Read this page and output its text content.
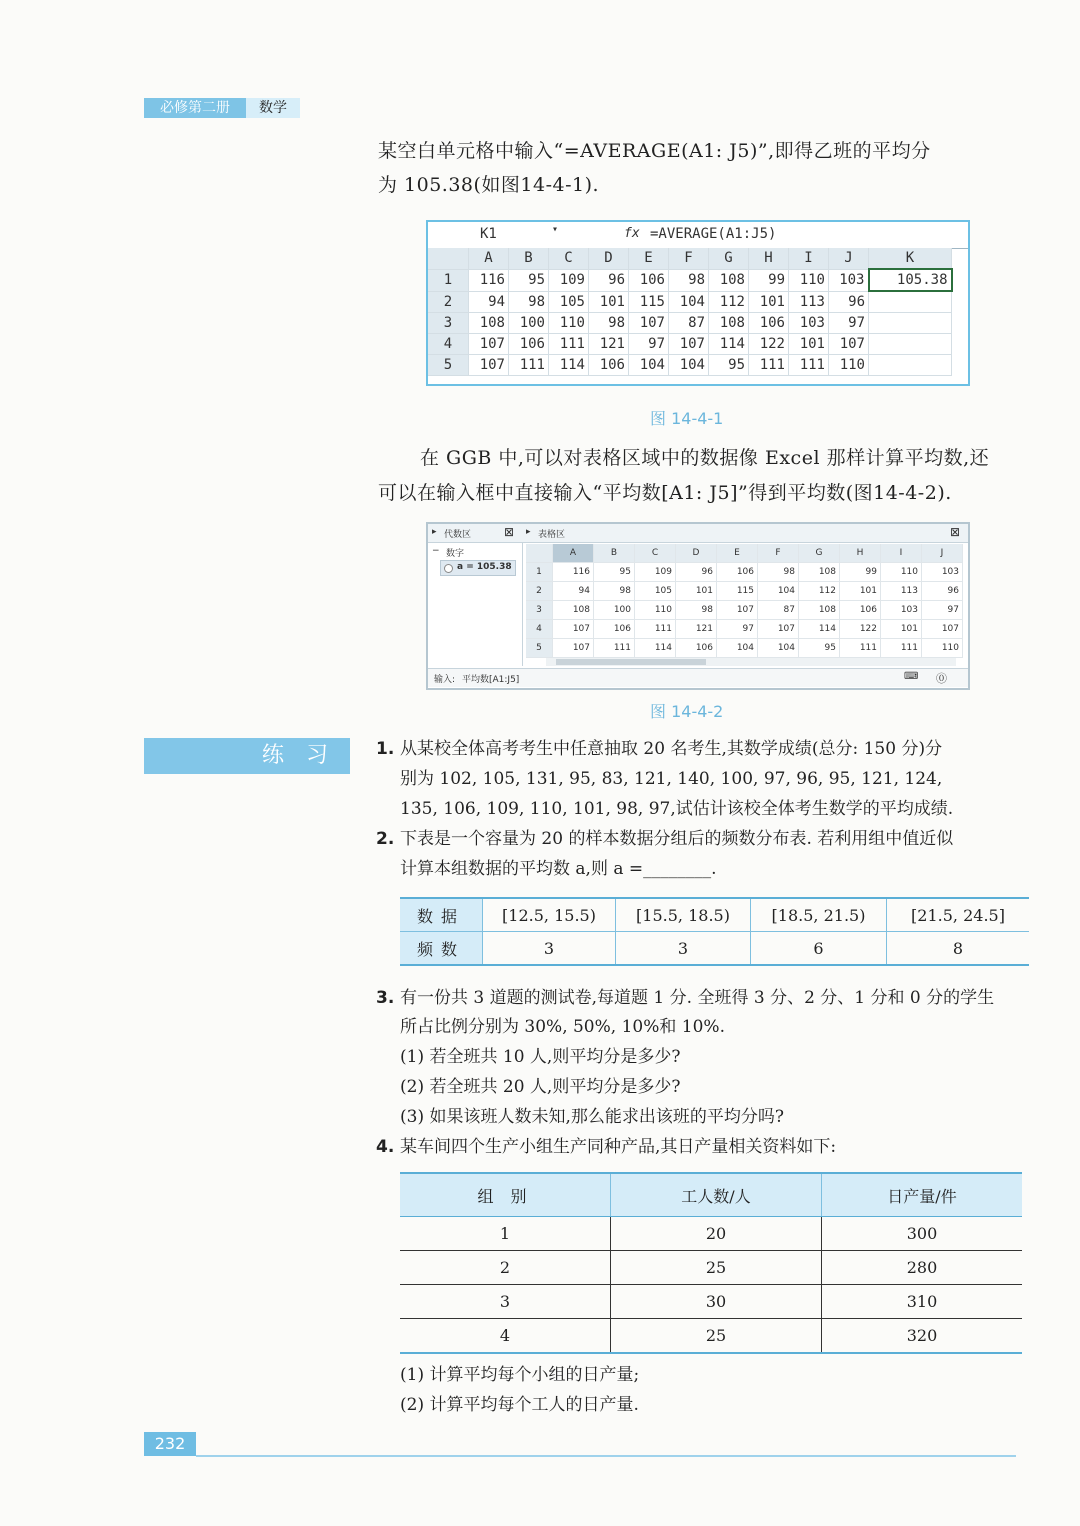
必修第二册	数学
某空白单元格中输入“=AVERAGE(A1: J5)”,即得乙班的平均分
为 105.38(如图14-4-1).
K1	▾	fx =AVERAGE(A1:J5)
	A	B	C	D	E	F	G	H	I	J	K
1	116	95	109	96	106	98	108	99	110	103	105.38
2	94	98	105	101	115	104	112	101	113	96	
3	108	100	110	98	107	87	108	106	103	97	
4	107	106	111	121	97	107	114	122	101	107	
5	107	111	114	106	104	104	95	111	111	110	
图 14-4-1
在 GGB 中,可以对表格区域中的数据像 Excel 那样计算平均数,还
可以在输入框中直接输入“平均数[A1: J5]”得到平均数(图14-4-2).
▸ 代数区	⊠ ▸ 表格区	⊠
− 数字
a = 105.38
	A	B	C	D	E	F	G	H	I	J
1	116	95	109	96	106	98	108	99	110	103
2	94	98	105	101	115	104	112	101	113	96
3	108	100	110	98	107	87	108	106	103	97
4	107	106	111	121	97	107	114	122	101	107
5	107	111	114	106	104	104	95	111	111	110
输入: 平均数[A1:J5]	⌨ ⓪
图 14-4-2
练习 1. 从某校全体高考考生中任意抽取 20 名考生,其数学成绩(总分: 150 分)分
别为 102, 105, 131, 95, 83, 121, 140, 100, 97, 96, 95, 121, 124,
135, 106, 109, 110, 101, 98, 97,试估计该校全体考生数学的平均成绩.
2. 下表是一个容量为 20 的样本数据分组后的频数分布表. 若利用组中值近似
计算本组数据的平均数 a,则 a =________.
数据	[12.5, 15.5)	[15.5, 18.5)	[18.5, 21.5)	[21.5, 24.5]
频数	3	3	6	8
3. 有一份共 3 道题的测试卷,每道题 1 分. 全班得 3 分、2 分、1 分和 0 分的学生
所占比例分别为 30%, 50%, 10%和 10%.
(1) 若全班共 10 人,则平均分是多少?
(2) 若全班共 20 人,则平均分是多少?
(3) 如果该班人数未知,那么能求出该班的平均分吗?
4. 某车间四个生产小组生产同种产品,其日产量相关资料如下:
组 别	工人数/人	日产量/件
1	20	300
2	25	280
3	30	310
4	25	320
(1) 计算平均每个小组的日产量;
(2) 计算平均每个工人的日产量.
232
